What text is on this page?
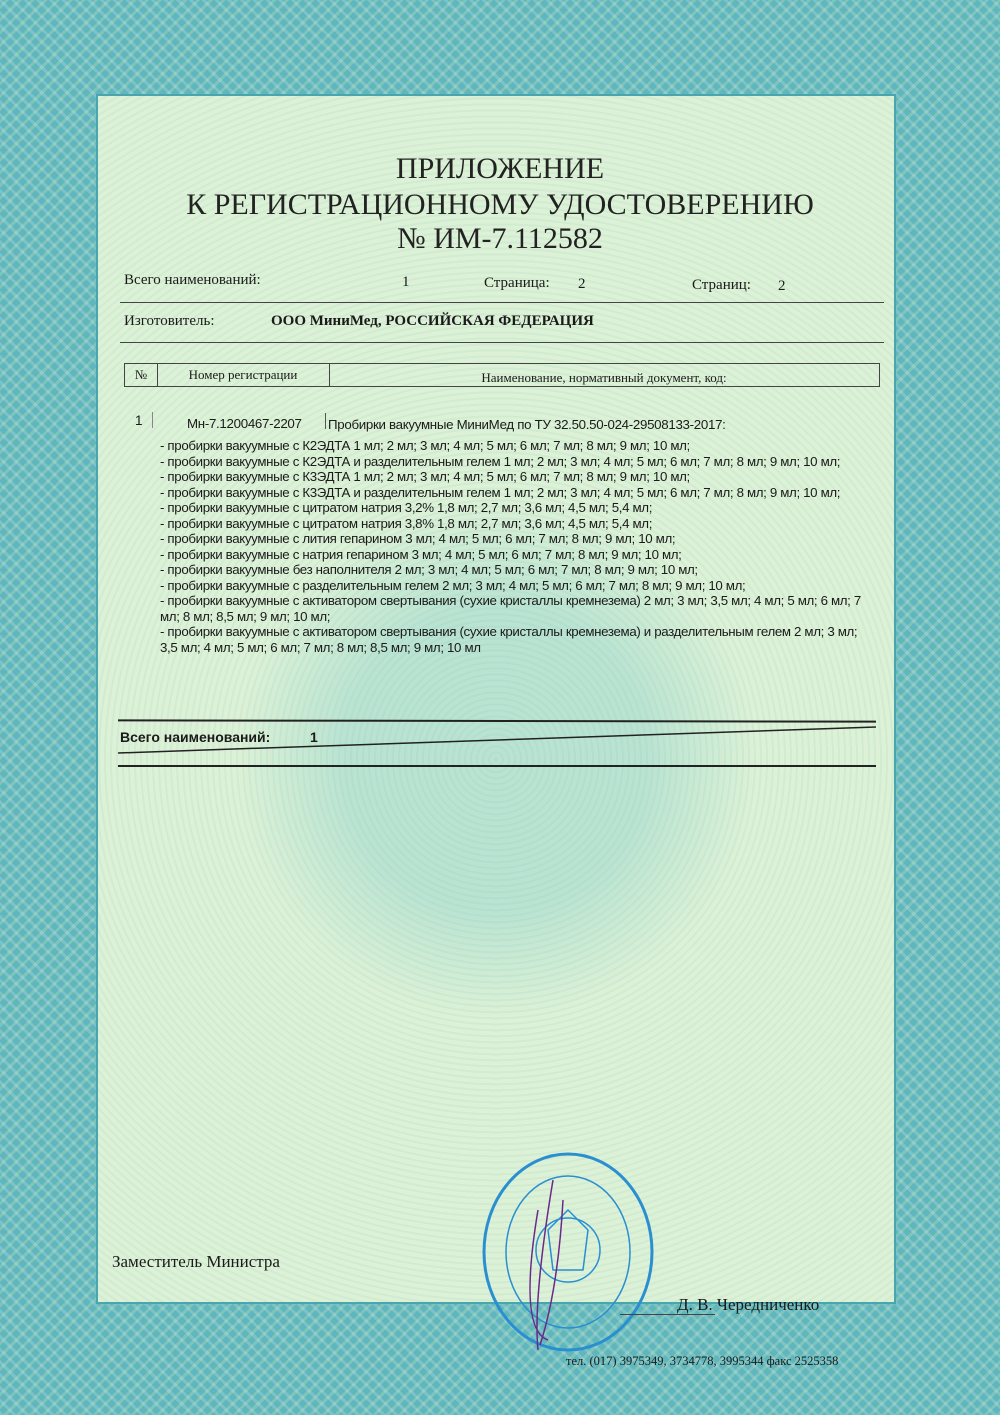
ПРИЛОЖЕНИЕ
К РЕГИСТРАЦИОННОМУ УДОСТОВЕРЕНИЮ
№ ИМ-7.112582
Всего наименований:	1	Страница: 2	Страниц: 2
Изготовитель:	ООО МиниМед, РОССИЙСКАЯ ФЕДЕРАЦИЯ
№	Номер регистрации	Наименование, нормативный документ, код:
1	Мн-7.1200467-2207 Пробирки вакуумные МиниМед по ТУ 32.50.50-024-29508133-2017:
- пробирки вакуумные с К2ЭДТА 1 мл; 2 мл; 3 мл; 4 мл; 5 мл; 6 мл; 7 мл; 8 мл; 9 мл; 10 мл;
- пробирки вакуумные с К2ЭДТА и разделительным гелем 1 мл; 2 мл; 3 мл; 4 мл; 5 мл; 6 мл; 7 мл; 8 мл; 9 мл; 10 мл;
- пробирки вакуумные с К3ЭДТА 1 мл; 2 мл; 3 мл; 4 мл; 5 мл; 6 мл; 7 мл; 8 мл; 9 мл; 10 мл;
- пробирки вакуумные с К3ЭДТА и разделительным гелем 1 мл; 2 мл; 3 мл; 4 мл; 5 мл; 6 мл; 7 мл; 8 мл; 9 мл; 10 мл;
- пробирки вакуумные с цитратом натрия 3,2% 1,8 мл; 2,7 мл; 3,6 мл; 4,5 мл; 5,4 мл;
- пробирки вакуумные с цитратом натрия 3,8% 1,8 мл; 2,7 мл; 3,6 мл; 4,5 мл; 5,4 мл;
- пробирки вакуумные с лития гепарином 3 мл; 4 мл; 5 мл; 6 мл; 7 мл; 8 мл; 9 мл; 10 мл;
- пробирки вакуумные с натрия гепарином 3 мл; 4 мл; 5 мл; 6 мл; 7 мл; 8 мл; 9 мл; 10 мл;
- пробирки вакуумные без наполнителя 2 мл; 3 мл; 4 мл; 5 мл; 6 мл; 7 мл; 8 мл; 9 мл; 10 мл;
- пробирки вакуумные с разделительным гелем 2 мл; 3 мл; 4 мл; 5 мл; 6 мл; 7 мл; 8 мл; 9 мл; 10 мл;
- пробирки вакуумные с активатором свертывания (сухие кристаллы кремнезема) 2 мл; 3 мл; 3,5 мл; 4 мл; 5 мл; 6 мл; 7 мл; 8 мл; 8,5 мл; 9 мл; 10 мл;
- пробирки вакуумные с активатором свертывания (сухие кристаллы кремнезема) и разделительным гелем 2 мл; 3 мл; 3,5 мл; 4 мл; 5 мл; 6 мл; 7 мл; 8 мл; 8,5 мл; 9 мл; 10 мл
Всего наименований:	1
Заместитель Министра
Д. В. Чередниченко
тел. (017) 3975349, 3734778, 3995344 факс 2525358
